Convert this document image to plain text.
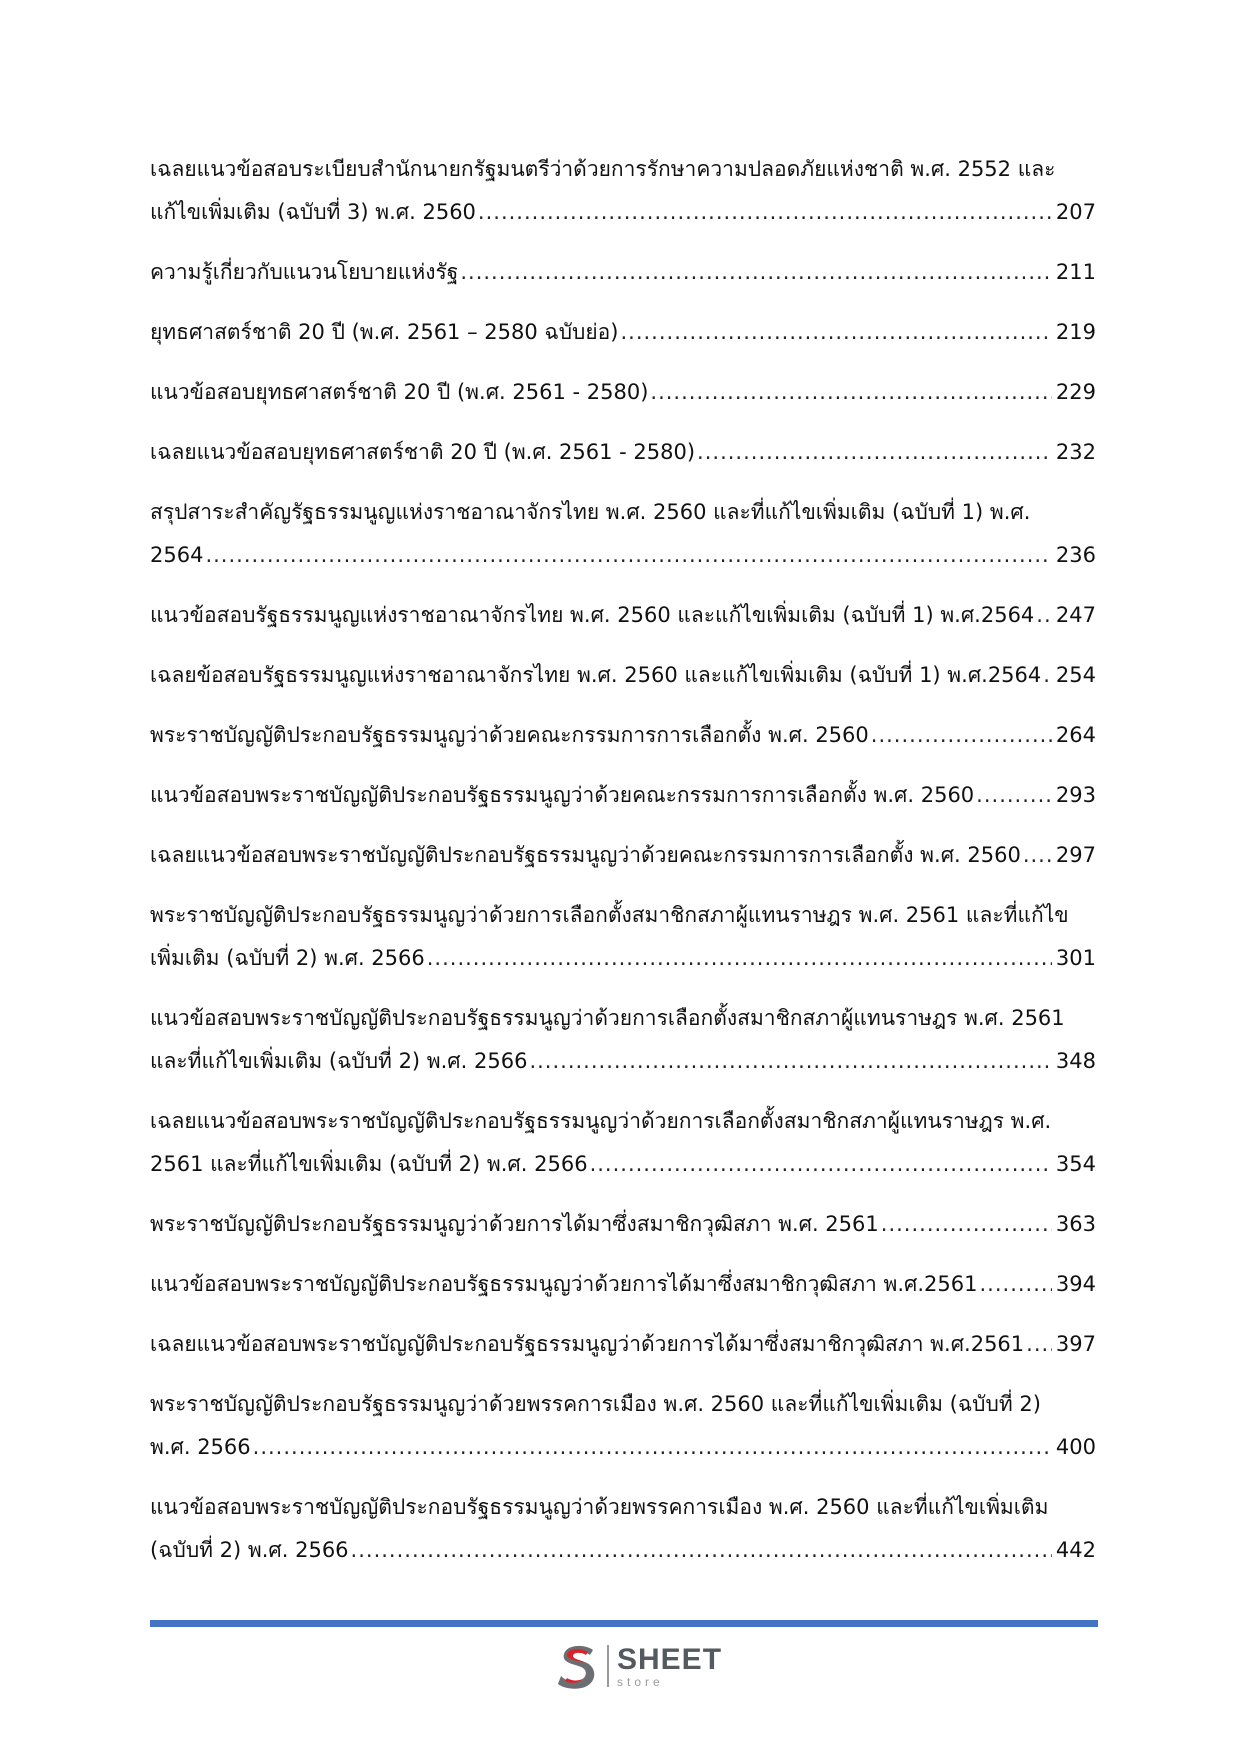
เฉลยแนวข้อสอบระเบียบสำนักนายกรัฐมนตรีว่าด้วยการรักษาความปลอดภัยแห่งชาติ พ.ศ. 2552 และ
แก้ไขเพิ่มเติม (ฉบับที่ 3) พ.ศ. 2560 .....	207
ความรู้เกี่ยวกับแนวนโยบายแห่งรัฐ .....	211
ยุทธศาสตร์ชาติ 20 ปี (พ.ศ. 2561 – 2580 ฉบับย่อ) .....	219
แนวข้อสอบยุทธศาสตร์ชาติ 20 ปี (พ.ศ. 2561 - 2580) .....	229
เฉลยแนวข้อสอบยุทธศาสตร์ชาติ 20 ปี (พ.ศ. 2561 - 2580) .....	232
สรุปสาระสำคัญรัฐธรรมนูญแห่งราชอาณาจักรไทย พ.ศ. 2560 และที่แก้ไขเพิ่มเติม (ฉบับที่ 1) พ.ศ.
2564 .....	236
แนวข้อสอบรัฐธรรมนูญแห่งราชอาณาจักรไทย พ.ศ. 2560 และแก้ไขเพิ่มเติม (ฉบับที่ 1) พ.ศ.2564 ..... 247
เฉลยข้อสอบรัฐธรรมนูญแห่งราชอาณาจักรไทย พ.ศ. 2560 และแก้ไขเพิ่มเติม (ฉบับที่ 1) พ.ศ.2564 ..... 254
พระราชบัญญัติประกอบรัฐธรรมนูญว่าด้วยคณะกรรมการการเลือกตั้ง พ.ศ. 2560 .....	264
แนวข้อสอบพระราชบัญญัติประกอบรัฐธรรมนูญว่าด้วยคณะกรรมการการเลือกตั้ง พ.ศ. 2560 .....	293
เฉลยแนวข้อสอบพระราชบัญญัติประกอบรัฐธรรมนูญว่าด้วยคณะกรรมการการเลือกตั้ง พ.ศ. 2560 ..... 297
พระราชบัญญัติประกอบรัฐธรรมนูญว่าด้วยการเลือกตั้งสมาชิกสภาผู้แทนราษฎร พ.ศ. 2561 และที่แก้ไข
เพิ่มเติม (ฉบับที่ 2) พ.ศ. 2566 .....	301
แนวข้อสอบพระราชบัญญัติประกอบรัฐธรรมนูญว่าด้วยการเลือกตั้งสมาชิกสภาผู้แทนราษฎร พ.ศ. 2561
และที่แก้ไขเพิ่มเติม (ฉบับที่ 2) พ.ศ. 2566 .....	348
เฉลยแนวข้อสอบพระราชบัญญัติประกอบรัฐธรรมนูญว่าด้วยการเลือกตั้งสมาชิกสภาผู้แทนราษฎร พ.ศ.
2561 และที่แก้ไขเพิ่มเติม (ฉบับที่ 2) พ.ศ. 2566 .....	354
พระราชบัญญัติประกอบรัฐธรรมนูญว่าด้วยการได้มาซึ่งสมาชิกวุฒิสภา พ.ศ. 2561 .....	363
แนวข้อสอบพระราชบัญญัติประกอบรัฐธรรมนูญว่าด้วยการได้มาซึ่งสมาชิกวุฒิสภา พ.ศ.2561 .....	394
เฉลยแนวข้อสอบพระราชบัญญัติประกอบรัฐธรรมนูญว่าด้วยการได้มาซึ่งสมาชิกวุฒิสภา พ.ศ.2561 ..... 397
พระราชบัญญัติประกอบรัฐธรรมนูญว่าด้วยพรรคการเมือง พ.ศ. 2560 และที่แก้ไขเพิ่มเติม (ฉบับที่ 2)
พ.ศ. 2566 .....	400
แนวข้อสอบพระราชบัญญัติประกอบรัฐธรรมนูญว่าด้วยพรรคการเมือง พ.ศ. 2560 และที่แก้ไขเพิ่มเติม
(ฉบับที่ 2) พ.ศ. 2566 .....	442
SHEET
store
